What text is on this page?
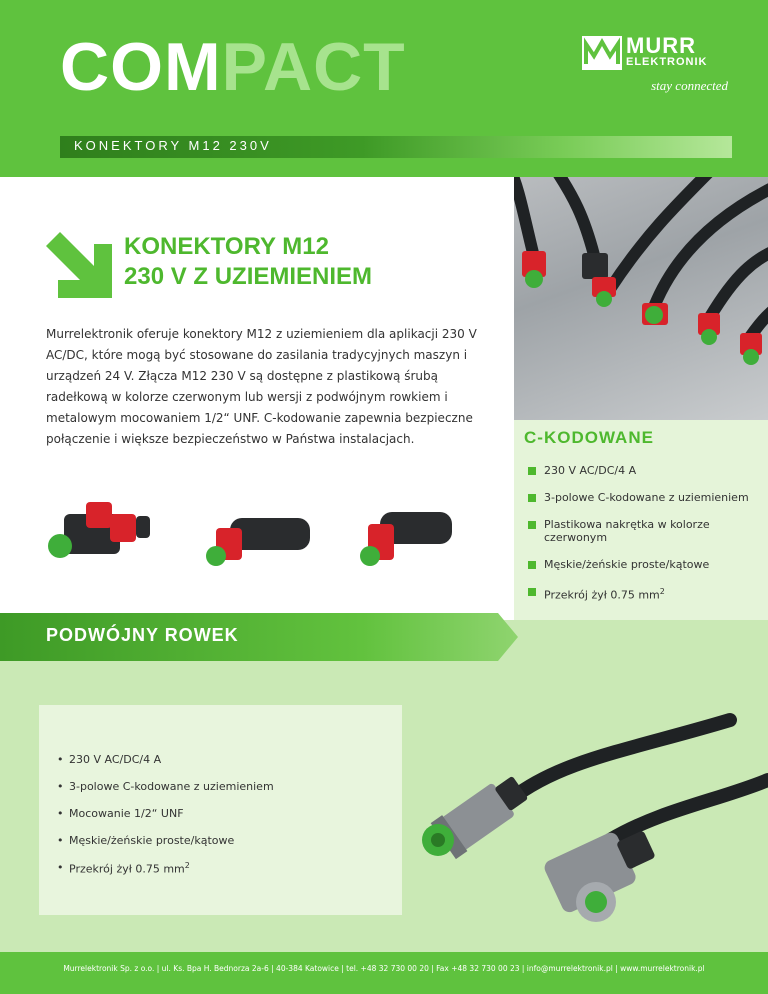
COMPACT	MURR
ELEKTRONIK
stay connected
KONEKTORY M12 230V
KONEKTORY M12
230 V Z UZIEMIENIEM
Murrelektronik oferuje konektory M12 z uziemieniem dla aplikacji 230 V AC/DC, które mogą być stosowane do zasilania tradycyjnych maszyn i urządzeń 24 V. Złącza M12 230 V są dostępne z plastikową śrubą radełkową w kolorze czerwonym lub wersji z podwójnym rowkiem i metalowym mocowaniem 1/2“ UNF. C-kodowanie zapewnia bezpieczne połączenie i większe bezpieczeństwo w Państwa instalacjach.	C-KODOWANE
230 V AC/DC/4 A
3-polowe C-kodowane z uziemieniem
Plastikowa nakrętka w kolorze czerwonym
Męskie/żeńskie proste/kątowe
Przekrój żył 0.75 $mm^2$
PODWÓJNY ROWEK
• 230 V AC/DC/4 A
• 3-polowe C-kodowane z uziemieniem
• Mocowanie 1/2“ UNF
• Męskie/żeńskie proste/kątowe
• Przekrój żył 0.75 $mm^2$
Murrelektronik Sp. z o.o. | ul. Ks. Bpa H. Bednorza 2a-6 | 40-384 Katowice | tel. +48 32 730 00 20 | Fax +48 32 730 00 23 | info@murrelektronik.pl | www.murrelektronik.pl
